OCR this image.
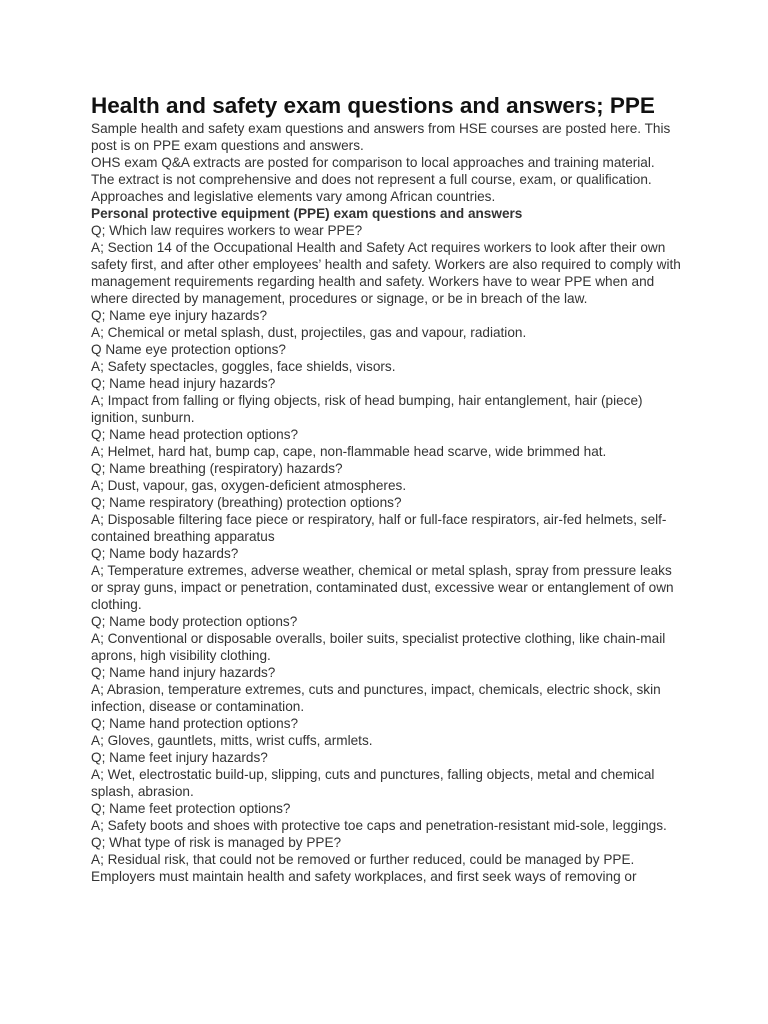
Health and safety exam questions and answers; PPE

Sample health and safety exam questions and answers from HSE courses are posted here. This post is on PPE exam questions and answers.

OHS exam Q&A extracts are posted for comparison to local approaches and training material. The extract is not comprehensive and does not represent a full course, exam, or qualification. Approaches and legislative elements vary among African countries.

Personal protective equipment (PPE) exam questions and answers

Q; Which law requires workers to wear PPE?

A; Section 14 of the Occupational Health and Safety Act requires workers to look after their own safety first, and after other employees’ health and safety. Workers are also required to comply with management requirements regarding health and safety. Workers have to wear PPE when and where directed by management, procedures or signage, or be in breach of the law.

Q; Name eye injury hazards?

A; Chemical or metal splash, dust, projectiles, gas and vapour, radiation.

Q Name eye protection options?

A; Safety spectacles, goggles, face shields, visors.

Q; Name head injury hazards?

A; Impact from falling or flying objects, risk of head bumping, hair entanglement, hair (piece) ignition, sunburn.

Q; Name head protection options?

A; Helmet, hard hat, bump cap, cape, non-flammable head scarve, wide brimmed hat.

Q; Name breathing (respiratory) hazards?

A; Dust, vapour, gas, oxygen-deficient atmospheres.

Q; Name respiratory (breathing) protection options?

A; Disposable filtering face piece or respiratory, half or full-face respirators, air-fed helmets, self-contained breathing apparatus

Q; Name body hazards?

A; Temperature extremes, adverse weather, chemical or metal splash, spray from pressure leaks or spray guns, impact or penetration, contaminated dust, excessive wear or entanglement of own clothing.

Q; Name body protection options?

A; Conventional or disposable overalls, boiler suits, specialist protective clothing, like chain-mail aprons, high visibility clothing.

Q; Name hand injury hazards?

A; Abrasion, temperature extremes, cuts and punctures, impact, chemicals, electric shock, skin infection, disease or contamination.

Q; Name hand protection options?

A; Gloves, gauntlets, mitts, wrist cuffs, armlets.

Q; Name feet injury hazards?

A; Wet, electrostatic build-up, slipping, cuts and punctures, falling objects, metal and chemical splash, abrasion.

Q; Name feet protection options?

A; Safety boots and shoes with protective toe caps and penetration-resistant mid-sole, leggings.

Q; What type of risk is managed by PPE?

A; Residual risk, that could not be removed or further reduced, could be managed by PPE. Employers must maintain health and safety workplaces, and first seek ways of removing or
